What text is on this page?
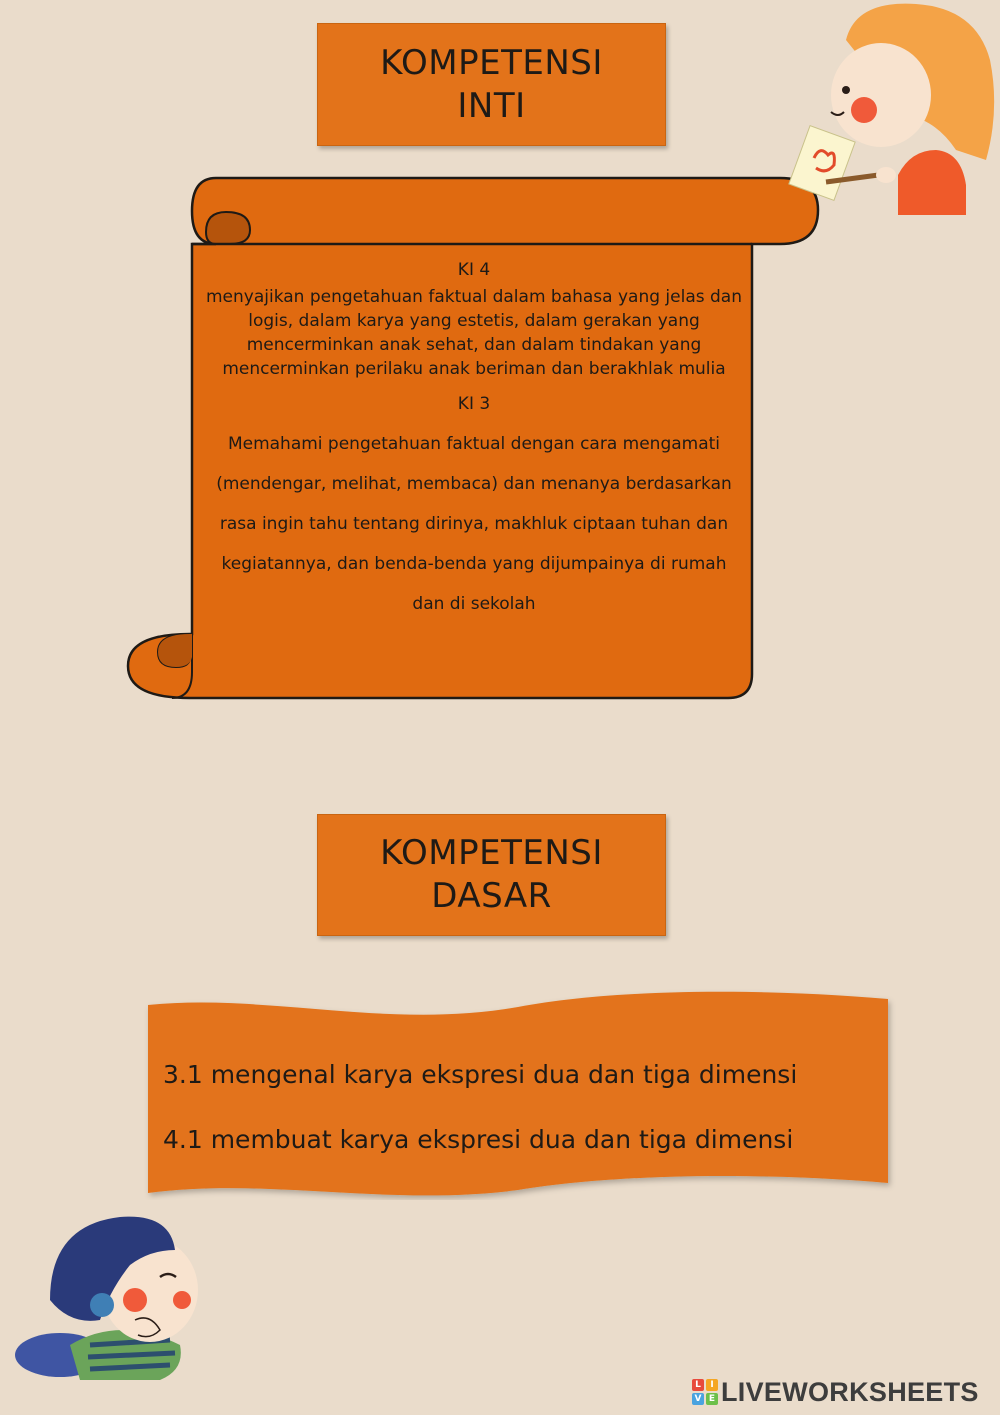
KOMPETENSI
INTI
KI 4
menyajikan pengetahuan faktual dalam bahasa yang jelas dan logis, dalam karya yang estetis, dalam gerakan yang mencerminkan anak sehat, dan dalam tindakan yang mencerminkan perilaku anak beriman dan berakhlak mulia
KI 3
Memahami pengetahuan faktual dengan cara mengamati
(mendengar, melihat, membaca) dan menanya berdasarkan
rasa ingin tahu tentang dirinya, makhluk ciptaan tuhan dan
kegiatannya, dan benda-benda yang dijumpainya di rumah
dan di sekolah
KOMPETENSI
DASAR
3.1 mengenal karya ekspresi dua dan tiga dimensi
4.1 membuat karya ekspresi dua dan tiga dimensi
L	I
V E LIVEWORKSHEETS
